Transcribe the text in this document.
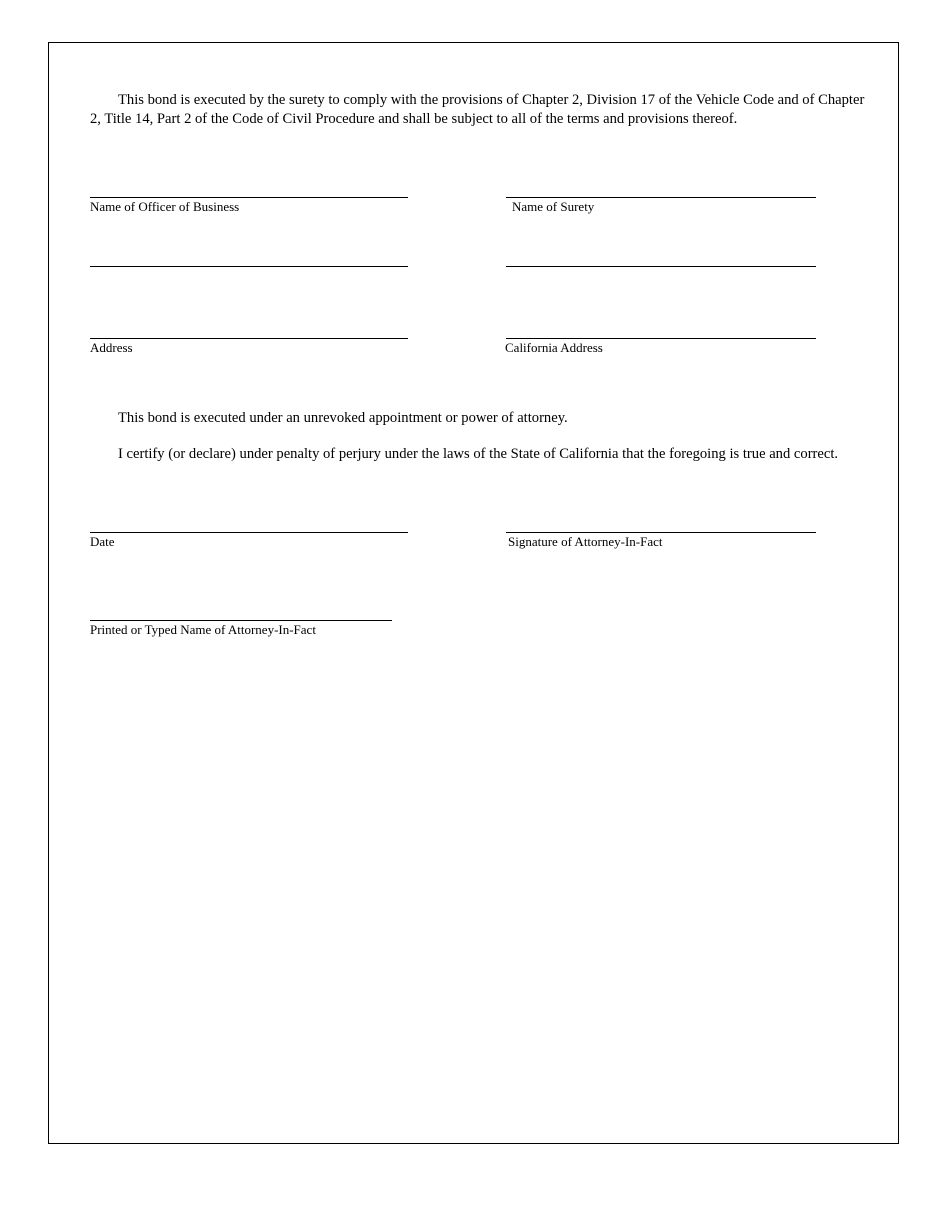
This bond is executed by the surety to comply with the provisions of Chapter 2, Division 17 of the Vehicle Code and of Chapter 2, Title 14, Part 2 of the Code of Civil Procedure and shall be subject to all of the terms and provisions thereof.

Name of Officer of Business	Name of Surety
Address	California Address

This bond is executed under an unrevoked appointment or power of attorney.

I certify (or declare) under penalty of perjury under the laws of the State of California that the foregoing is true and correct.

Date	Signature of Attorney-In-Fact
Printed or Typed Name of Attorney-In-Fact
